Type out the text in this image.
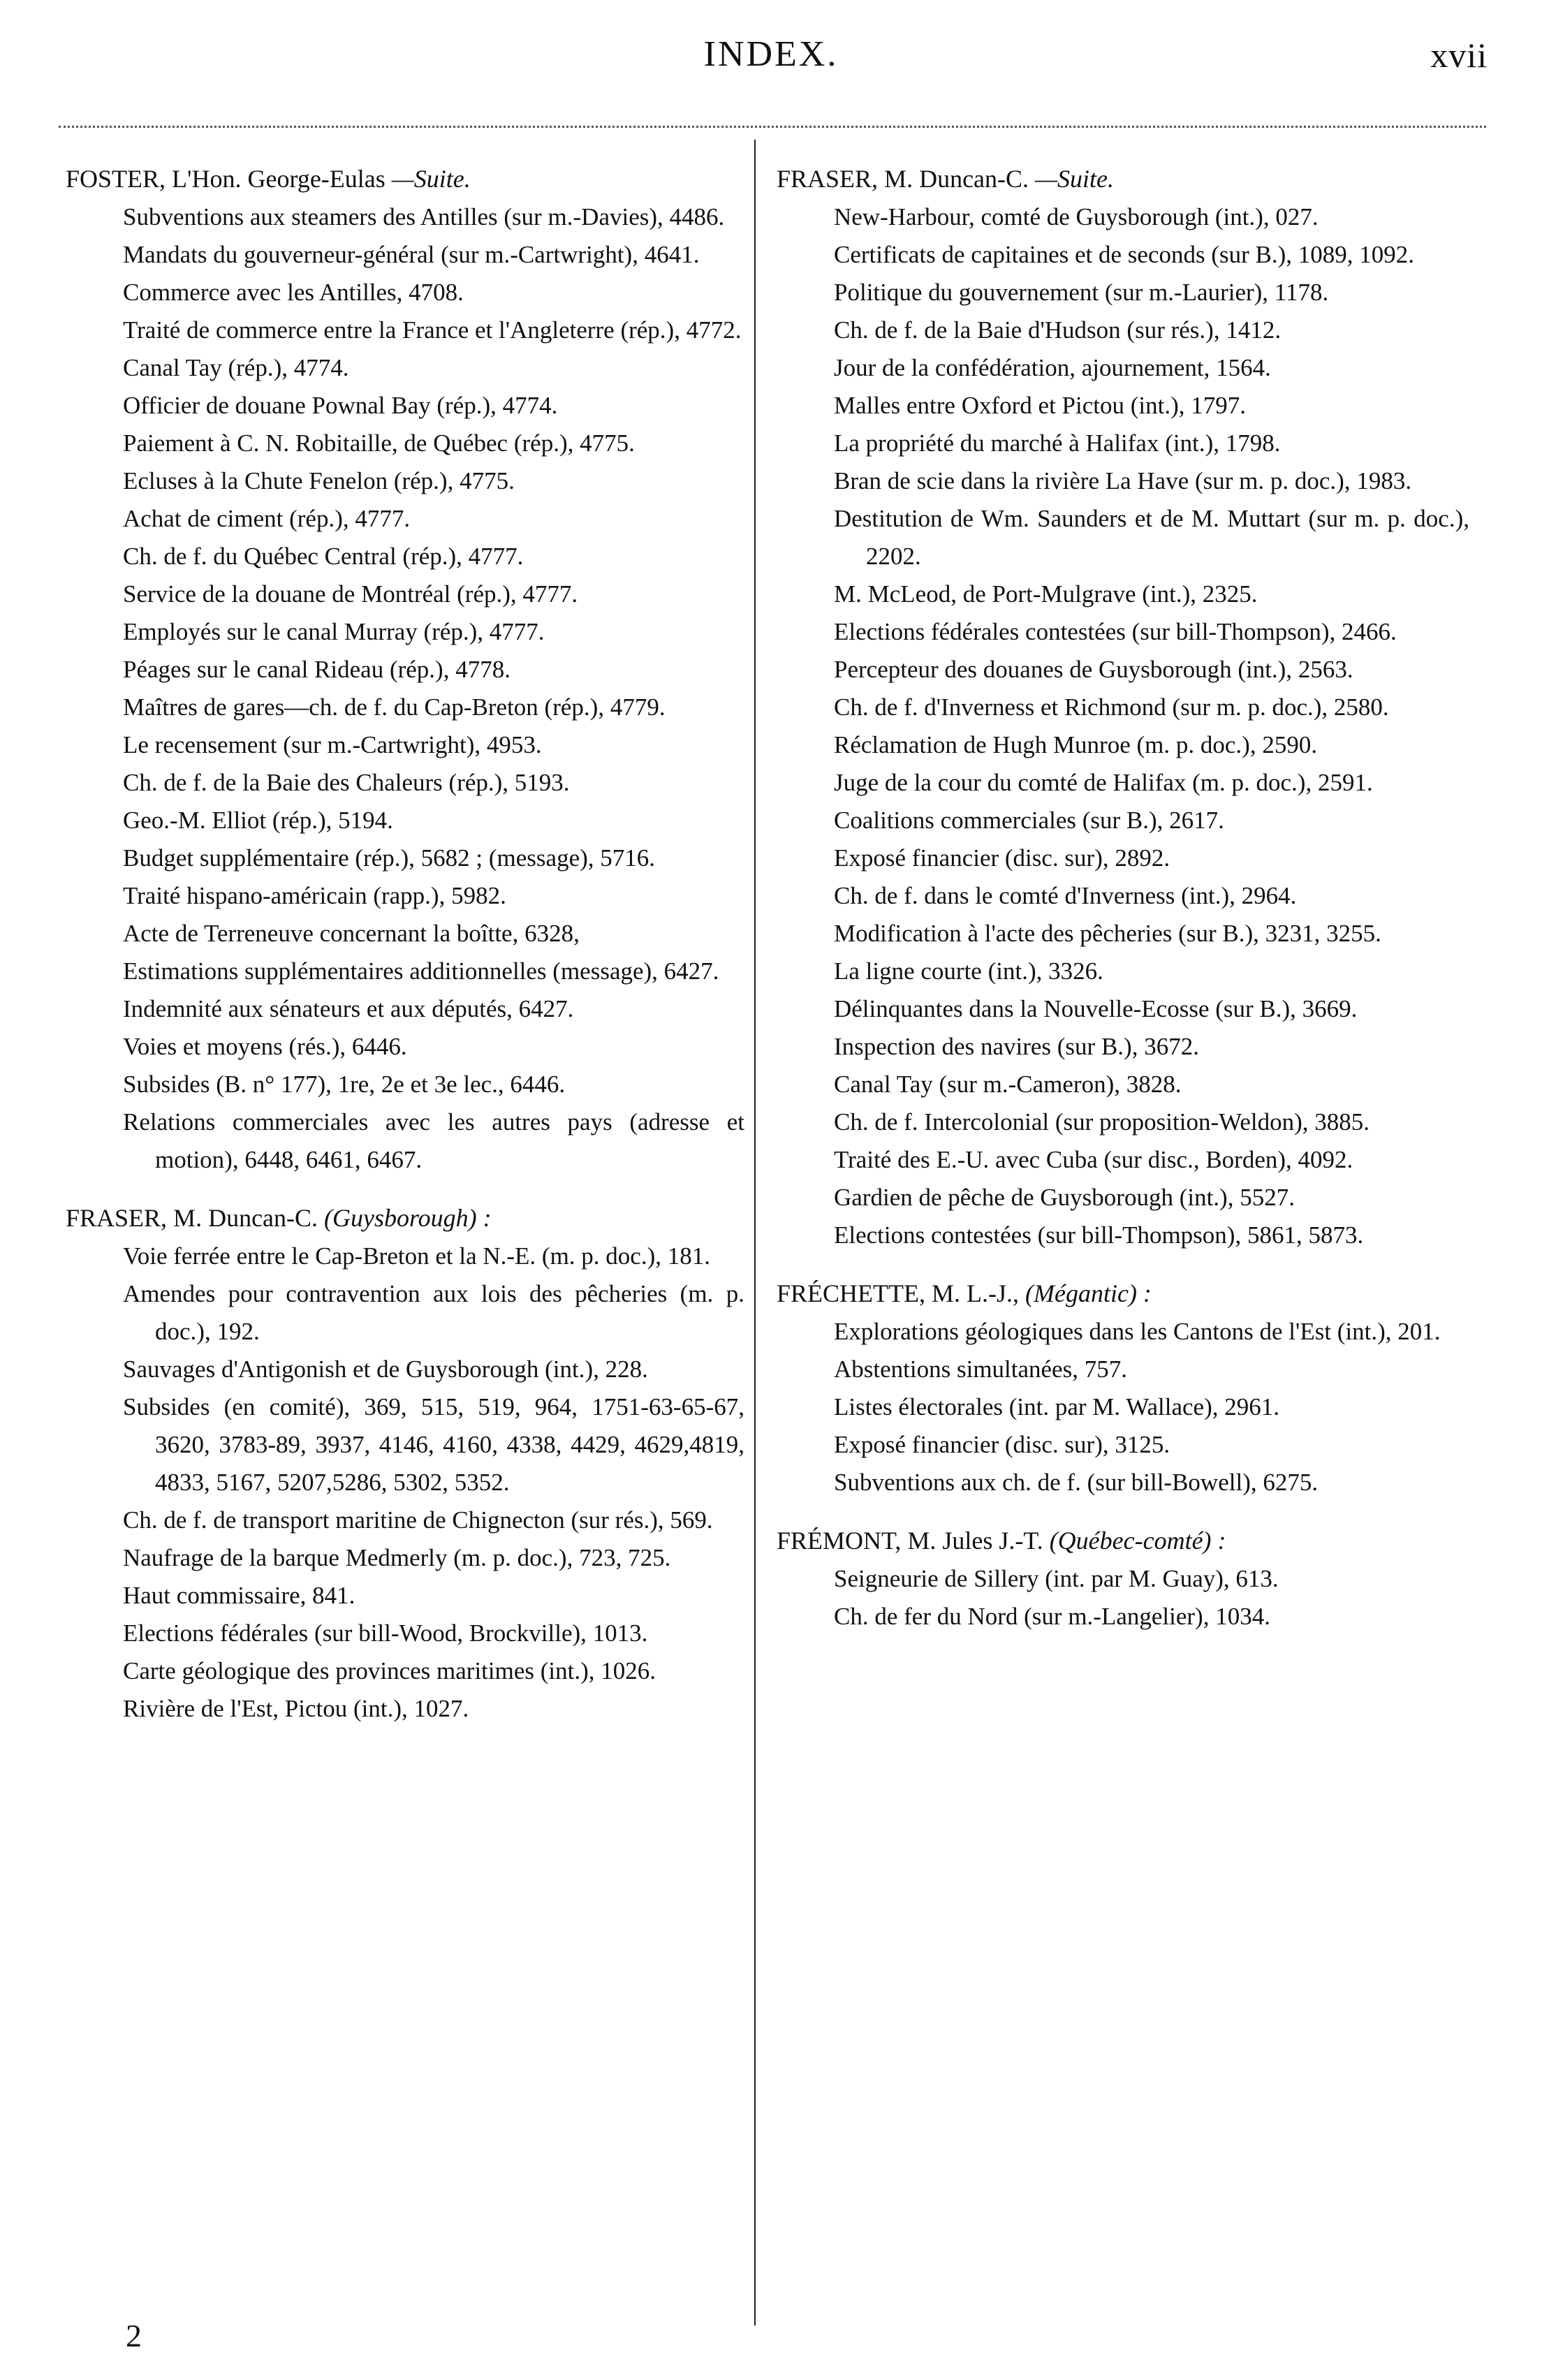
INDEX.	xvii
FOSTER, L'Hon. George-Eulas —Suite.
Subventions aux steamers des Antilles (sur m.-Davies), 4486.
Mandats du gouverneur-général (sur m.-Cartwright), 4641.
Commerce avec les Antilles, 4708.
Traité de commerce entre la France et l'Angleterre (rép.), 4772.
Canal Tay (rép.), 4774.
Officier de douane Pownal Bay (rép.), 4774.
Paiement à C. N. Robitaille, de Québec (rép.), 4775.
Ecluses à la Chute Fenelon (rép.), 4775.
Achat de ciment (rép.), 4777.
Ch. de f. du Québec Central (rép.), 4777.
Service de la douane de Montréal (rép.), 4777.
Employés sur le canal Murray (rép.), 4777.
Péages sur le canal Rideau (rép.), 4778.
Maîtres de gares—ch. de f. du Cap-Breton (rép.), 4779.
Le recensement (sur m.-Cartwright), 4953.
Ch. de f. de la Baie des Chaleurs (rép.), 5193.
Geo.-M. Elliot (rép.), 5194.
Budget supplémentaire (rép.), 5682 ; (message), 5716.
Traité hispano-américain (rapp.), 5982.
Acte de Terreneuve concernant la boîtte, 6328,
Estimations supplémentaires additionnelles (message), 6427.
Indemnité aux sénateurs et aux députés, 6427.
Voies et moyens (rés.), 6446.
Subsides (B. n° 177), 1re, 2e et 3e lec., 6446.
Relations commerciales avec les autres pays (adresse et motion), 6448, 6461, 6467.
FRASER, M. Duncan-C. (Guysborough) :
Voie ferrée entre le Cap-Breton et la N.-E. (m. p. doc.), 181.
Amendes pour contravention aux lois des pêcheries (m. p. doc.), 192.
Sauvages d'Antigonish et de Guysborough (int.), 228.
Subsides (en comité), 369, 515, 519, 964, 1751-63-65-67, 3620, 3783-89, 3937, 4146, 4160, 4338, 4429, 4629,4819, 4833, 5167, 5207,5286, 5302, 5352.
Ch. de f. de transport maritine de Chignecton (sur rés.), 569.
Naufrage de la barque Medmerly (m. p. doc.), 723, 725.
Haut commissaire, 841.
Elections fédérales (sur bill-Wood, Brockville), 1013.
Carte géologique des provinces maritimes (int.), 1026.
Rivière de l'Est, Pictou (int.), 1027.
FRASER, M. Duncan-C. —Suite.
New-Harbour, comté de Guysborough (int.), 027.
Certificats de capitaines et de seconds (sur B.), 1089, 1092.
Politique du gouvernement (sur m.-Laurier), 1178.
Ch. de f. de la Baie d'Hudson (sur rés.), 1412.
Jour de la confédération, ajournement, 1564.
Malles entre Oxford et Pictou (int.), 1797.
La propriété du marché à Halifax (int.), 1798.
Bran de scie dans la rivière La Have (sur m. p. doc.), 1983.
Destitution de Wm. Saunders et de M. Muttart (sur m. p. doc.), 2202.
M. McLeod, de Port-Mulgrave (int.), 2325.
Elections fédérales contestées (sur bill-Thompson), 2466.
Percepteur des douanes de Guysborough (int.), 2563.
Ch. de f. d'Inverness et Richmond (sur m. p. doc.), 2580.
Réclamation de Hugh Munroe (m. p. doc.), 2590.
Juge de la cour du comté de Halifax (m. p. doc.), 2591.
Coalitions commerciales (sur B.), 2617.
Exposé financier (disc. sur), 2892.
Ch. de f. dans le comté d'Inverness (int.), 2964.
Modification à l'acte des pêcheries (sur B.), 3231, 3255.
La ligne courte (int.), 3326.
Délinquantes dans la Nouvelle-Ecosse (sur B.), 3669.
Inspection des navires (sur B.), 3672.
Canal Tay (sur m.-Cameron), 3828.
Ch. de f. Intercolonial (sur proposition-Weldon), 3885.
Traité des E.-U. avec Cuba (sur disc., Borden), 4092.
Gardien de pêche de Guysborough (int.), 5527.
Elections contestées (sur bill-Thompson), 5861, 5873.
FRÉCHETTE, M. L.-J., (Mégantic) :
Explorations géologiques dans les Cantons de l'Est (int.), 201.
Abstentions simultanées, 757.
Listes électorales (int. par M. Wallace), 2961.
Exposé financier (disc. sur), 3125.
Subventions aux ch. de f. (sur bill-Bowell), 6275.
FRÉMONT, M. Jules J.-T. (Québec-comté) :
Seigneurie de Sillery (int. par M. Guay), 613.
Ch. de fer du Nord (sur m.-Langelier), 1034.
2
